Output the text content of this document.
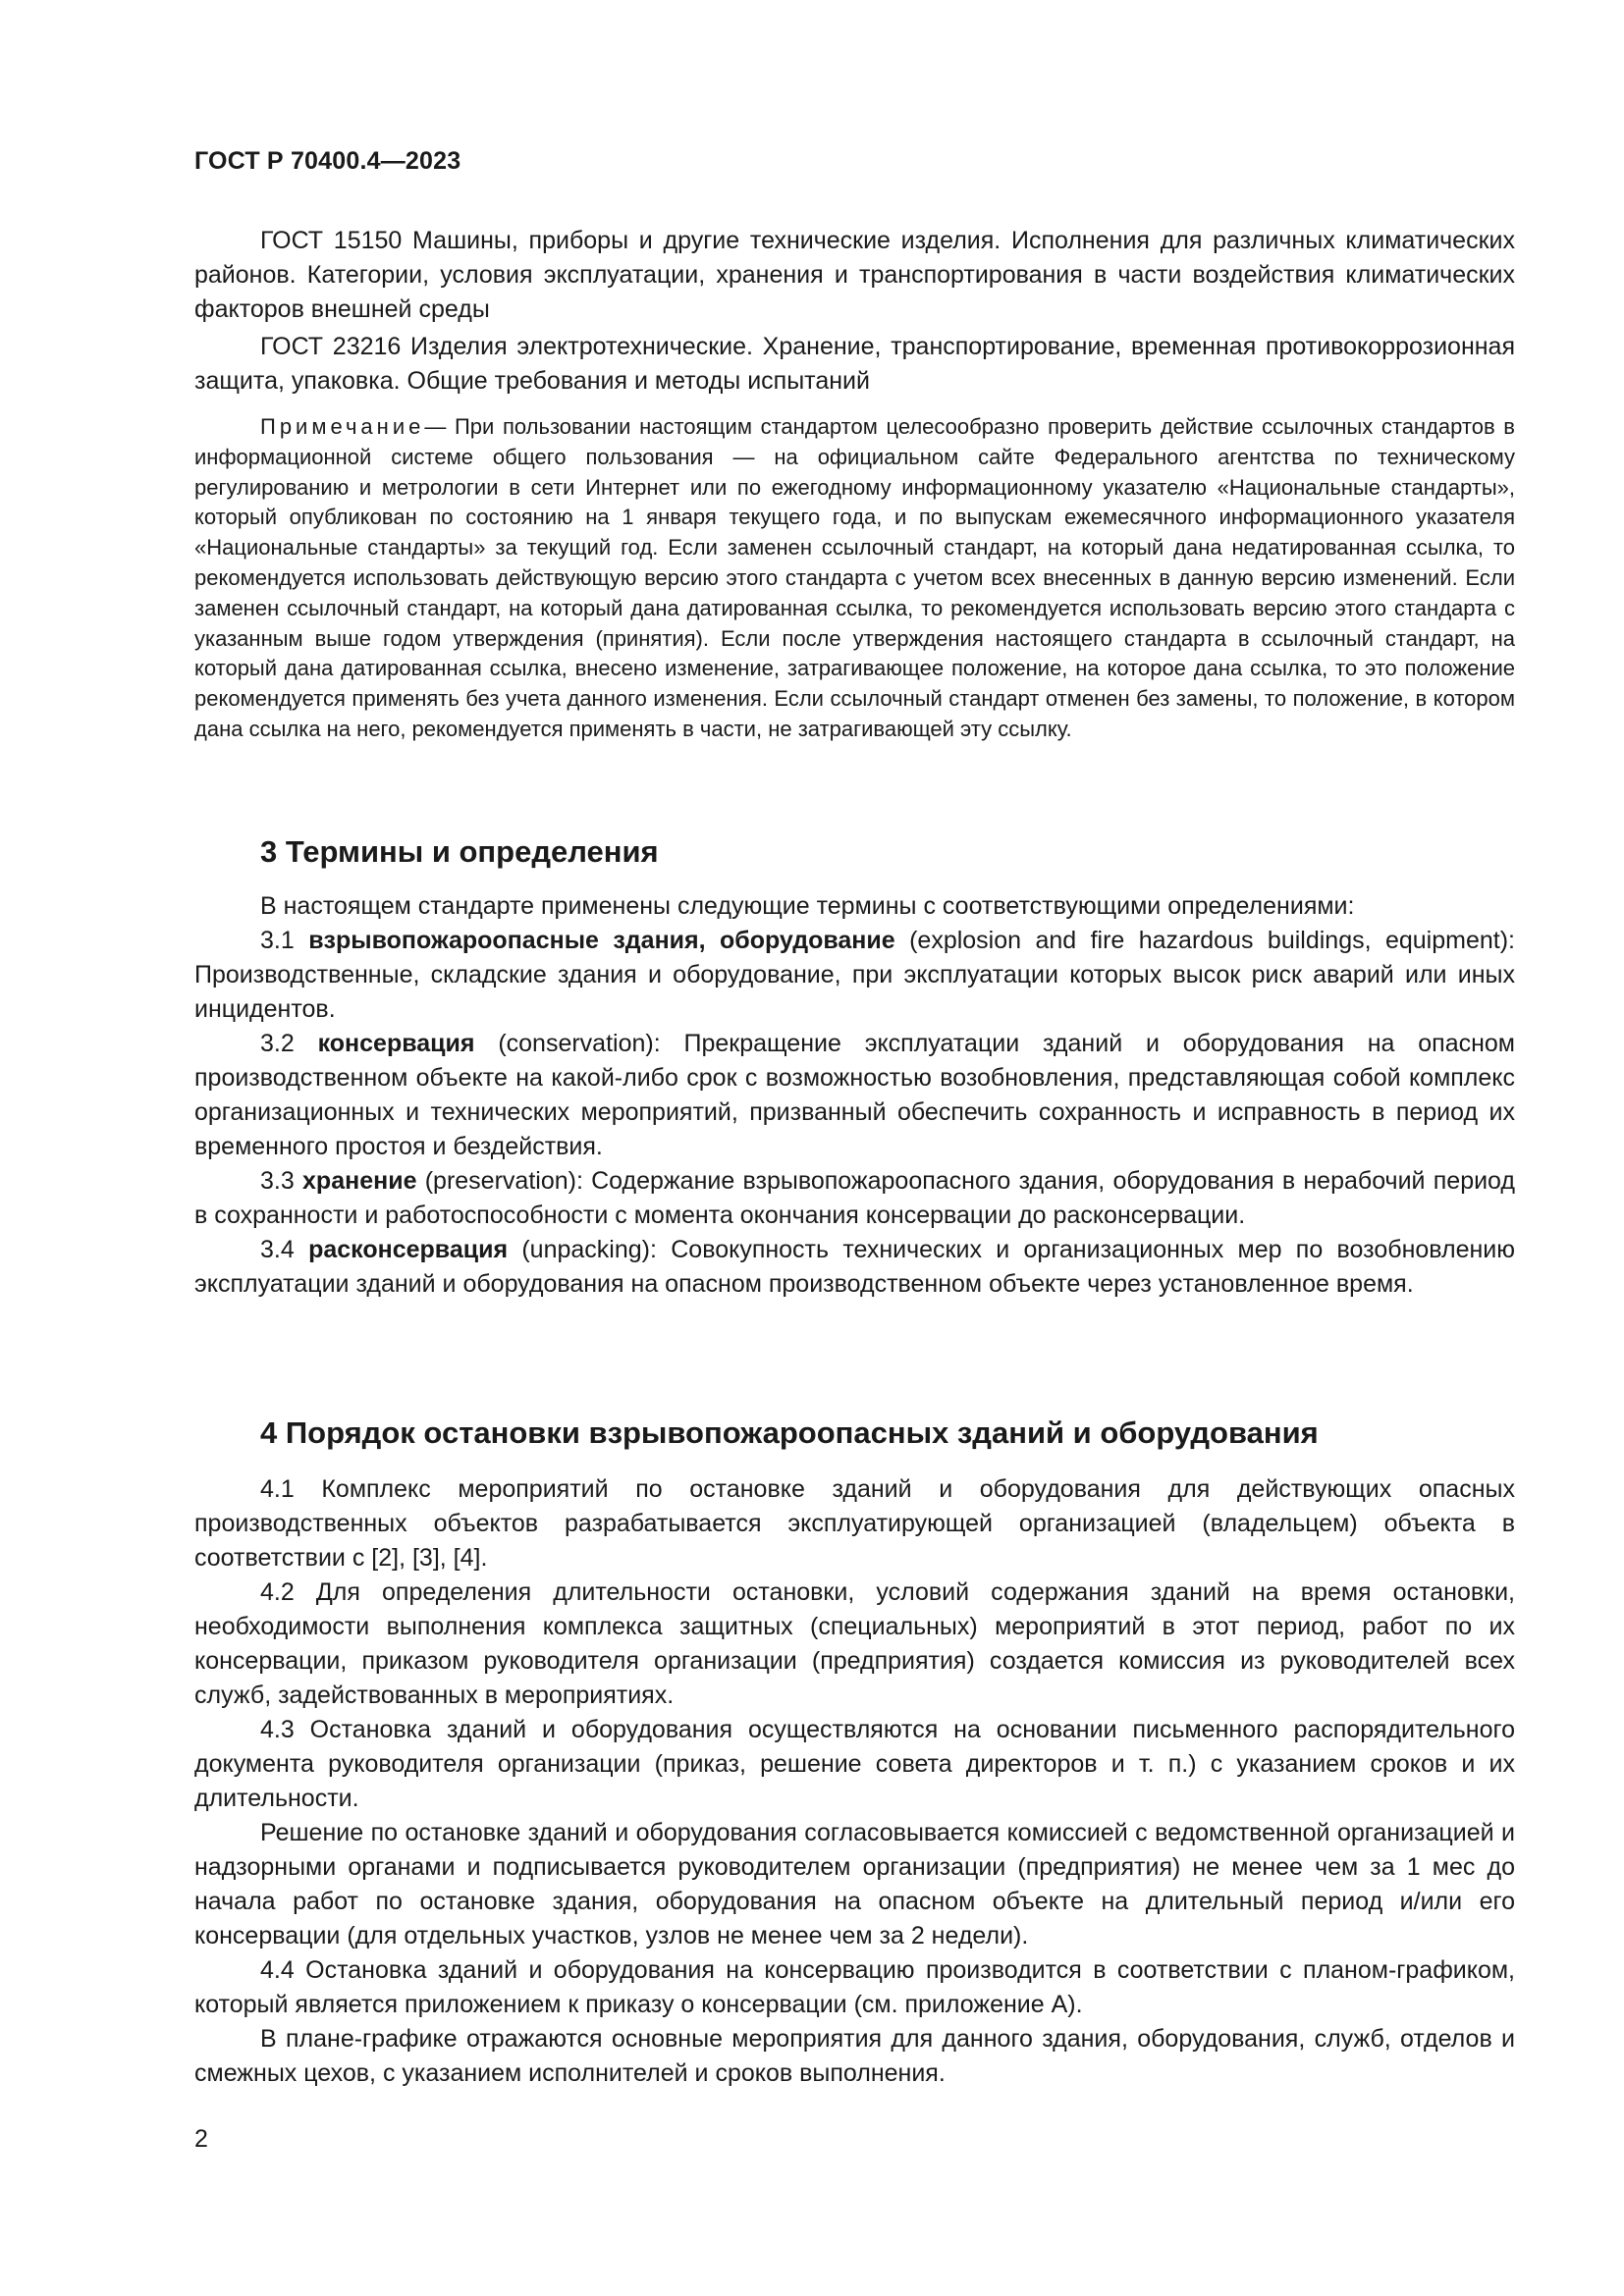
ГОСТ Р 70400.4—2023

ГОСТ 15150 Машины, приборы и другие технические изделия. Исполнения для различных климатических районов. Категории, условия эксплуатации, хранения и транспортирования в части воздействия климатических факторов внешней среды

ГОСТ 23216 Изделия электротехнические. Хранение, транспортирование, временная противокоррозионная защита, упаковка. Общие требования и методы испытаний

Примечание— При пользовании настоящим стандартом целесообразно проверить действие ссылочных стандартов в информационной системе общего пользования — на официальном сайте Федерального агентства по техническому регулированию и метрологии в сети Интернет или по ежегодному информационному указателю «Национальные стандарты», который опубликован по состоянию на 1 января текущего года, и по выпускам ежемесячного информационного указателя «Национальные стандарты» за текущий год. Если заменен ссылочный стандарт, на который дана недатированная ссылка, то рекомендуется использовать действующую версию этого стандарта с учетом всех внесенных в данную версию изменений. Если заменен ссылочный стандарт, на который дана датированная ссылка, то рекомендуется использовать версию этого стандарта с указанным выше годом утверждения (принятия). Если после утверждения настоящего стандарта в ссылочный стандарт, на который дана датированная ссылка, внесено изменение, затрагивающее положение, на которое дана ссылка, то это положение рекомендуется применять без учета данного изменения. Если ссылочный стандарт отменен без замены, то положение, в котором дана ссылка на него, рекомендуется применять в части, не затрагивающей эту ссылку.

3 Термины и определения

В настоящем стандарте применены следующие термины с соответствующими определениями:

3.1 взрывопожароопасные здания, оборудование (explosion and fire hazardous buildings, equipment): Производственные, складские здания и оборудование, при эксплуатации которых высок риск аварий или иных инцидентов.

3.2 консервация (conservation): Прекращение эксплуатации зданий и оборудования на опасном производственном объекте на какой-либо срок с возможностью возобновления, представляющая собой комплекс организационных и технических мероприятий, призванный обеспечить сохранность и исправность в период их временного простоя и бездействия.

3.3 хранение (preservation): Содержание взрывопожароопасного здания, оборудования в нерабочий период в сохранности и работоспособности с момента окончания консервации до расконсервации.

3.4 расконсервация (unpacking): Совокупность технических и организационных мер по возобновлению эксплуатации зданий и оборудования на опасном производственном объекте через установленное время.

4 Порядок остановки взрывопожароопасных зданий и оборудования

4.1 Комплекс мероприятий по остановке зданий и оборудования для действующих опасных производственных объектов разрабатывается эксплуатирующей организацией (владельцем) объекта в соответствии с [2], [3], [4].

4.2 Для определения длительности остановки, условий содержания зданий на время остановки, необходимости выполнения комплекса защитных (специальных) мероприятий в этот период, работ по их консервации, приказом руководителя организации (предприятия) создается комиссия из руководителей всех служб, задействованных в мероприятиях.

4.3 Остановка зданий и оборудования осуществляются на основании письменного распорядительного документа руководителя организации (приказ, решение совета директоров и т. п.) с указанием сроков и их длительности.

Решение по остановке зданий и оборудования согласовывается комиссией с ведомственной организацией и надзорными органами и подписывается руководителем организации (предприятия) не менее чем за 1 мес до начала работ по остановке здания, оборудования на опасном объекте на длительный период и/или его консервации (для отдельных участков, узлов не менее чем за 2 недели).

4.4 Остановка зданий и оборудования на консервацию производится в соответствии с планом-графиком, который является приложением к приказу о консервации (см. приложение А).

В плане-графике отражаются основные мероприятия для данного здания, оборудования, служб, отделов и смежных цехов, с указанием исполнителей и сроков выполнения.

2
